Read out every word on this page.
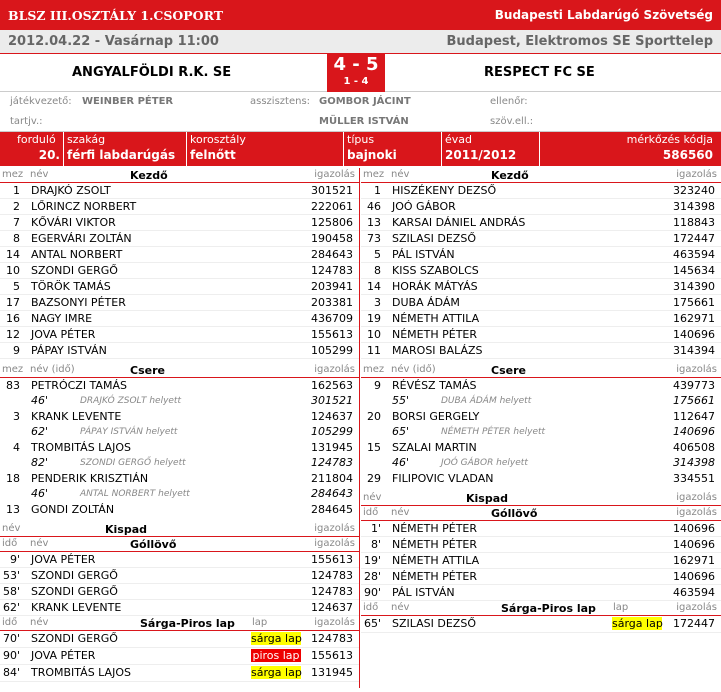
BLSZ III.OSZTÁLY 1.CSOPORT	Budapesti Labdarúgó Szövetség
2012.04.22 - Vasárnap 11:00	Budapest, Elektromos SE Sporttelep
ANGYALFÖLDI R.K. SE	4 - 5
1 - 4
RESPECT FC SE
játékvezető: WEINBER PÉTER	asszisztens: GOMBOR JÁCINT	ellenőr:
tartjv.:	MÜLLER ISTVÁN	szöv.ell.:
forduló
20.
szakág
férfi labdarúgás
korosztály
felnőtt
típus
bajnoki
évad
2011/2012
mérkőzés kódja
586560
mez név	Kezdő	igazolás
1 DRAJKÓ ZSOLT	301521
2 LŐRINCZ NORBERT	222061
7 KŐVÁRI VIKTOR	125806
8 EGERVÁRI ZOLTÁN	190458
14 ANTAL NORBERT	284643
10 SZONDI GERGŐ	124783
5 TÖRÖK TAMÁS	203941
17 BAZSONYI PÉTER	203381
16 NAGY IMRE	436709
12 JOVA PÉTER	155613
9 PÁPAY ISTVÁN	105299
mez név (idő)	Csere	igazolás
83 PETRÓCZI TAMÁS	162563
46'	DRAJKÓ ZSOLT helyett	301521
3 KRANK LEVENTE	124637
62'	PÁPAY ISTVÁN helyett	105299
4 TROMBITÁS LAJOS	131945
82'	SZONDI GERGŐ helyett	124783
18 PENDERIK KRISZTIÁN	211804
46'	ANTAL NORBERT helyett	284643
13 GONDI ZOLTÁN	284645
név	Kispad	igazolás
idő név	Góllövő	igazolás
9' JOVA PÉTER	155613
53' SZONDI GERGŐ	124783
58' SZONDI GERGŐ	124783
62' KRANK LEVENTE	124637
idő név	Sárga-Piros lap lap	igazolás
70' SZONDI GERGŐ	sárga lap 124783
90' JOVA PÉTER	piros lap 155613
84' TROMBITÁS LAJOS	sárga lap 131945
mez név	Kezdő	igazolás
1 HISZÉKENY DEZSŐ	323240
46 JOÓ GÁBOR	314398
13 KARSAI DÁNIEL ANDRÁS	118843
73 SZILASI DEZSŐ	172447
5 PÁL ISTVÁN	463594
8 KISS SZABOLCS	145634
14 HORÁK MÁTYÁS	314390
3 DUBA ÁDÁM	175661
19 NÉMETH ATTILA	162971
10 NÉMETH PÉTER	140696
11 MAROSI BALÁZS	314394
mez név (idő)	Csere	igazolás
9 RÉVÉSZ TAMÁS	439773
55'	DUBA ÁDÁM helyett	175661
20 BORSI GERGELY	112647
65'	NÉMETH PÉTER helyett	140696
15 SZALAI MARTIN	406508
46'	JOÓ GÁBOR helyett	314398
29 FILIPOVIC VLADAN	334551
név	Kispad	igazolás
idő név	Góllövő	igazolás
1' NÉMETH PÉTER	140696
8' NÉMETH PÉTER	140696
19' NÉMETH ATTILA	162971
28' NÉMETH PÉTER	140696
90' PÁL ISTVÁN	463594
idő név	Sárga-Piros lap lap	igazolás
65' SZILASI DEZSŐ	sárga lap 172447
